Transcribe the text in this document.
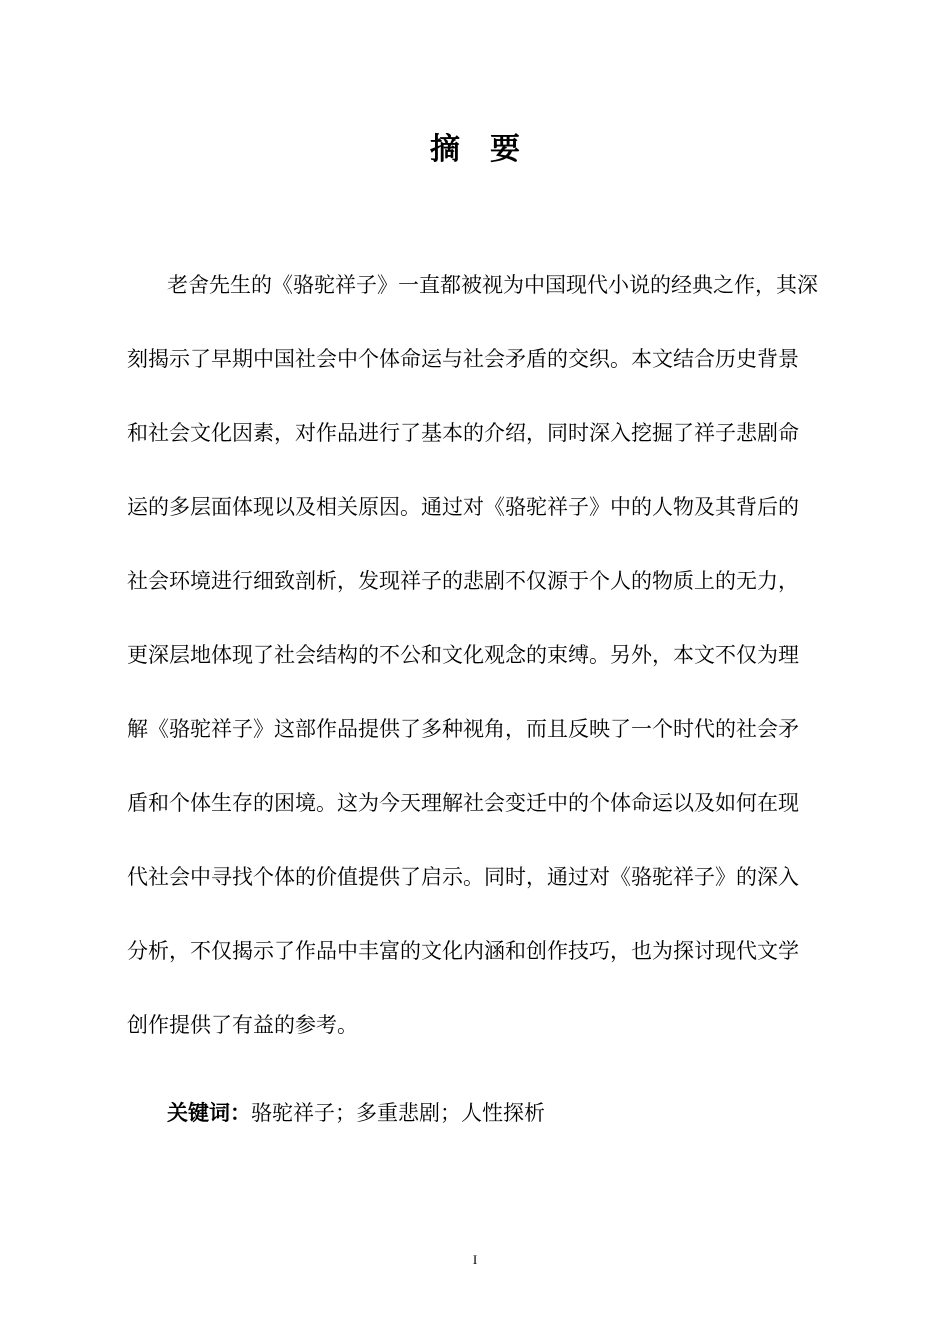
摘 要
老舍先生的《骆驼祥子》一直都被视为中国现代小说的经典之作，其深
刻揭示了早期中国社会中个体命运与社会矛盾的交织。本文结合历史背景
和社会文化因素，对作品进行了基本的介绍，同时深入挖掘了祥子悲剧命
运的多层面体现以及相关原因。通过对《骆驼祥子》中的人物及其背后的
社会环境进行细致剖析，发现祥子的悲剧不仅源于个人的物质上的无力，
更深层地体现了社会结构的不公和文化观念的束缚。另外，本文不仅为理
解《骆驼祥子》这部作品提供了多种视角，而且反映了一个时代的社会矛
盾和个体生存的困境。这为今天理解社会变迁中的个体命运以及如何在现
代社会中寻找个体的价值提供了启示。同时，通过对《骆驼祥子》的深入
分析，不仅揭示了作品中丰富的文化内涵和创作技巧，也为探讨现代文学
创作提供了有益的参考。
关键词：骆驼祥子；多重悲剧；人性探析
I
